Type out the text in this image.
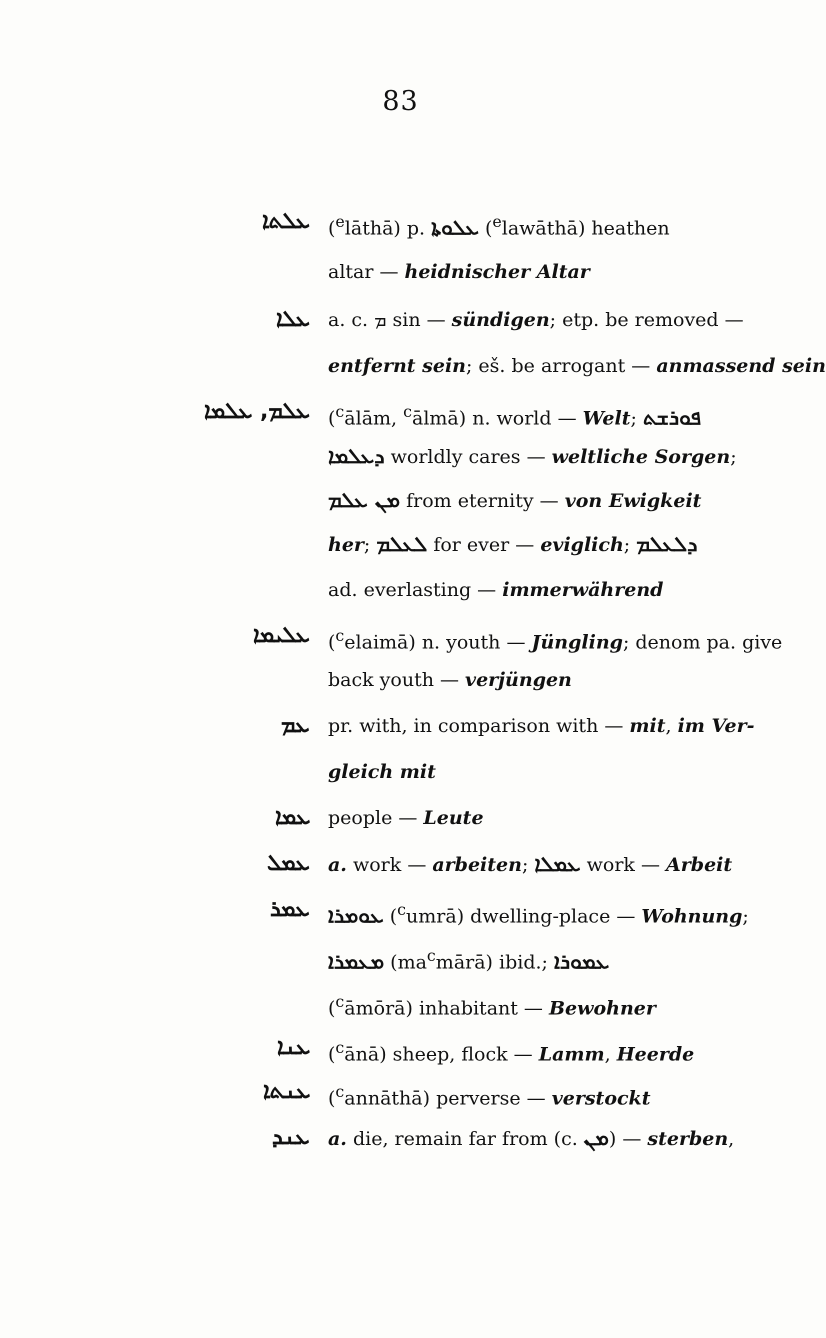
83
ܥܠܬܐ ($^e$lāthā) p. ܥܠܘܬܐ ($^e$lawāthā) heathen
altar — heidnischer Altar
ܥܠܐ a. c. ܡ sin — sündigen; etp. be removed —
entfernt sein; eš. be arrogant — anmassend sein
ܥܠܡ, ܥܠܡܐ ($^c$ālām, $^c$ālmā) n. world — Welt; ܦܘܪܫܬ
ܕܥܠܡܐ worldly cares — weltliche Sorgen;
ܡܢ ܥܠܡ from eternity — von Ewigkeit
her; ܠܥܠܡ for ever — eviglich; ܕܠܥܠܡ
ad. everlasting — immerwährend
ܥܠܝܡܐ ($^c$elaimā) n. youth — Jüngling; denom pa. give
back youth — verjüngen
ܥܡ pr. with, in comparison with — mit, im Ver-
gleich mit
ܥܡܐ people — Leute
ܥܡܠ a. work — arbeiten; ܥܡܠܐ work — Arbeit
ܥܡܪ ܥܘܡܪܐ ($^c$umrā) dwelling-place — Wohnung;
ܡܥܡܪܐ $(ma^cmārā)$ ibid.; ܥܡܘܪܐ
($^c$āmōrā) inhabitant — Bewohner
ܥܢܐ ($^c$ānā) sheep, flock — Lamm, Heerde
ܥܢܬܐ ($^c$annāthā) perverse — verstockt
ܥܢܕ a. die, remain far from (c. ܡܢ) — sterben,
